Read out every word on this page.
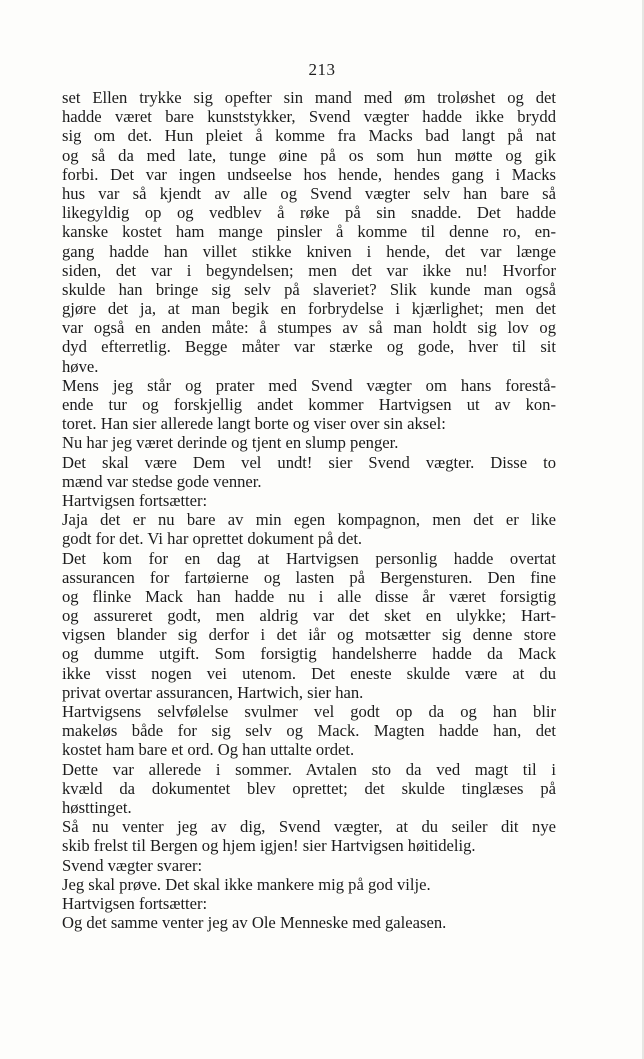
213
set Ellen trykke sig opefter sin mand med øm troløshet og det
hadde været bare kunststykker, Svend vægter hadde ikke brydd
sig om det. Hun pleiet å komme fra Macks bad langt på nat
og så da med late, tunge øine på os som hun møtte og gik
forbi. Det var ingen undseelse hos hende, hendes gang i Macks
hus var så kjendt av alle og Svend vægter selv han bare så
likegyldig op og vedblev å røke på sin snadde. Det hadde
kanske kostet ham mange pinsler å komme til denne ro, en-
gang hadde han villet stikke kniven i hende, det var længe
siden, det var i begyndelsen; men det var ikke nu! Hvorfor
skulde han bringe sig selv på slaveriet? Slik kunde man også
gjøre det ja, at man begik en forbrydelse i kjærlighet; men det
var også en anden måte: å stumpes av så man holdt sig lov og
dyd efterretlig. Begge måter var stærke og gode, hver til sit
høve.
Mens jeg står og prater med Svend vægter om hans forestå-
ende tur og forskjellig andet kommer Hartvigsen ut av kon-
toret. Han sier allerede langt borte og viser over sin aksel:
Nu har jeg været derinde og tjent en slump penger.
Det skal være Dem vel undt! sier Svend vægter. Disse to
mænd var stedse gode venner.
Hartvigsen fortsætter:
Jaja det er nu bare av min egen kompagnon, men det er like
godt for det. Vi har oprettet dokument på det.
Det kom for en dag at Hartvigsen personlig hadde overtat
assurancen for fartøierne og lasten på Bergensturen. Den fine
og flinke Mack han hadde nu i alle disse år været forsigtig
og assureret godt, men aldrig var det sket en ulykke; Hart-
vigsen blander sig derfor i det iår og motsætter sig denne store
og dumme utgift. Som forsigtig handelsherre hadde da Mack
ikke visst nogen vei utenom. Det eneste skulde være at du
privat overtar assurancen, Hartwich, sier han.
Hartvigsens selvfølelse svulmer vel godt op da og han blir
makeløs både for sig selv og Mack. Magten hadde han, det
kostet ham bare et ord. Og han uttalte ordet.
Dette var allerede i sommer. Avtalen sto da ved magt til i
kvæld da dokumentet blev oprettet; det skulde tinglæses på
høsttinget.
Så nu venter jeg av dig, Svend vægter, at du seiler dit nye
skib frelst til Bergen og hjem igjen! sier Hartvigsen høitidelig.
Svend vægter svarer:
Jeg skal prøve. Det skal ikke mankere mig på god vilje.
Hartvigsen fortsætter:
Og det samme venter jeg av Ole Menneske med galeasen.
